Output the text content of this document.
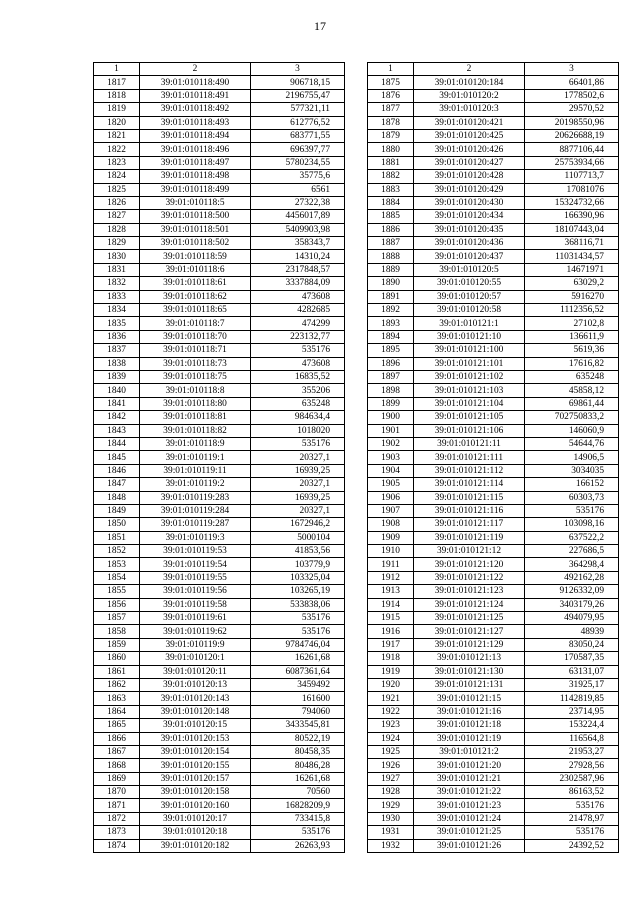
17
1	2	3
1817	39:01:010118:490	906718,15
1818	39:01:010118:491	2196755,47
1819	39:01:010118:492	577321,11
1820	39:01:010118:493	612776,52
1821	39:01:010118:494	683771,55
1822	39:01:010118:496	696397,77
1823	39:01:010118:497	5780234,55
1824	39:01:010118:498	35775,6
1825	39:01:010118:499	6561
1826	39:01:010118:5	27322,38
1827	39:01:010118:500	4456017,89
1828	39:01:010118:501	5409903,98
1829	39:01:010118:502	358343,7
1830	39:01:010118:59	14310,24
1831	39:01:010118:6	2317848,57
1832	39:01:010118:61	3337884,09
1833	39:01:010118:62	473608
1834	39:01:010118:65	4282685
1835	39:01:010118:7	474299
1836	39:01:010118:70	223132,77
1837	39:01:010118:71	535176
1838	39:01:010118:73	473608
1839	39:01:010118:75	16835,52
1840	39:01:010118:8	355206
1841	39:01:010118:80	635248
1842	39:01:010118:81	984634,4
1843	39:01:010118:82	1018020
1844	39:01:010118:9	535176
1845	39:01:010119:1	20327,1
1846	39:01:010119:11	16939,25
1847	39:01:010119:2	20327,1
1848	39:01:010119:283	16939,25
1849	39:01:010119:284	20327,1
1850	39:01:010119:287	1672946,2
1851	39:01:010119:3	5000104
1852	39:01:010119:53	41853,56
1853	39:01:010119:54	103779,9
1854	39:01:010119:55	103325,04
1855	39:01:010119:56	103265,19
1856	39:01:010119:58	533838,06
1857	39:01:010119:61	535176
1858	39:01:010119:62	535176
1859	39:01:010119:9	9784746,04
1860	39:01:010120:1	16261,68
1861	39:01:010120:11	6087361,64
1862	39:01:010120:13	3459492
1863	39:01:010120:143	161600
1864	39:01:010120:148	794060
1865	39:01:010120:15	3433545,81
1866	39:01:010120:153	80522,19
1867	39:01:010120:154	80458,35
1868	39:01:010120:155	80486,28
1869	39:01:010120:157	16261,68
1870	39:01:010120:158	70560
1871	39:01:010120:160	16828209,9
1872	39:01:010120:17	733415,8
1873	39:01:010120:18	535176
1874	39:01:010120:182	26263,93
1	2	3
1875	39:01:010120:184	66401,86
1876	39:01:010120:2	1778502,6
1877	39:01:010120:3	29570,52
1878	39:01:010120:421	20198550,96
1879	39:01:010120:425	20626688,19
1880	39:01:010120:426	8877106,44
1881	39:01:010120:427	25753934,66
1882	39:01:010120:428	1107713,7
1883	39:01:010120:429	17081076
1884	39:01:010120:430	15324732,66
1885	39:01:010120:434	166390,96
1886	39:01:010120:435	18107443,04
1887	39:01:010120:436	368116,71
1888	39:01:010120:437	11031434,57
1889	39:01:010120:5	14671971
1890	39:01:010120:55	63029,2
1891	39:01:010120:57	5916270
1892	39:01:010120:58	1112356,52
1893	39:01:010121:1	27102,8
1894	39:01:010121:10	136611,9
1895	39:01:010121:100	5619,36
1896	39:01:010121:101	17616,82
1897	39:01:010121:102	635248
1898	39:01:010121:103	45858,12
1899	39:01:010121:104	69861,44
1900	39:01:010121:105	702750833,2
1901	39:01:010121:106	146060,9
1902	39:01:010121:11	54644,76
1903	39:01:010121:111	14906,5
1904	39:01:010121:112	3034035
1905	39:01:010121:114	166152
1906	39:01:010121:115	60303,73
1907	39:01:010121:116	535176
1908	39:01:010121:117	103098,16
1909	39:01:010121:119	637522,2
1910	39:01:010121:12	227686,5
1911	39:01:010121:120	364298,4
1912	39:01:010121:122	492162,28
1913	39:01:010121:123	9126332,09
1914	39:01:010121:124	3403179,26
1915	39:01:010121:125	494079,95
1916	39:01:010121:127	48939
1917	39:01:010121:129	83050,24
1918	39:01:010121:13	170587,35
1919	39:01:010121:130	63131,07
1920	39:01:010121:131	31925,17
1921	39:01:010121:15	1142819,85
1922	39:01:010121:16	23714,95
1923	39:01:010121:18	153224,4
1924	39:01:010121:19	116564,8
1925	39:01:010121:2	21953,27
1926	39:01:010121:20	27928,56
1927	39:01:010121:21	2302587,96
1928	39:01:010121:22	86163,52
1929	39:01:010121:23	535176
1930	39:01:010121:24	21478,97
1931	39:01:010121:25	535176
1932	39:01:010121:26	24392,52
